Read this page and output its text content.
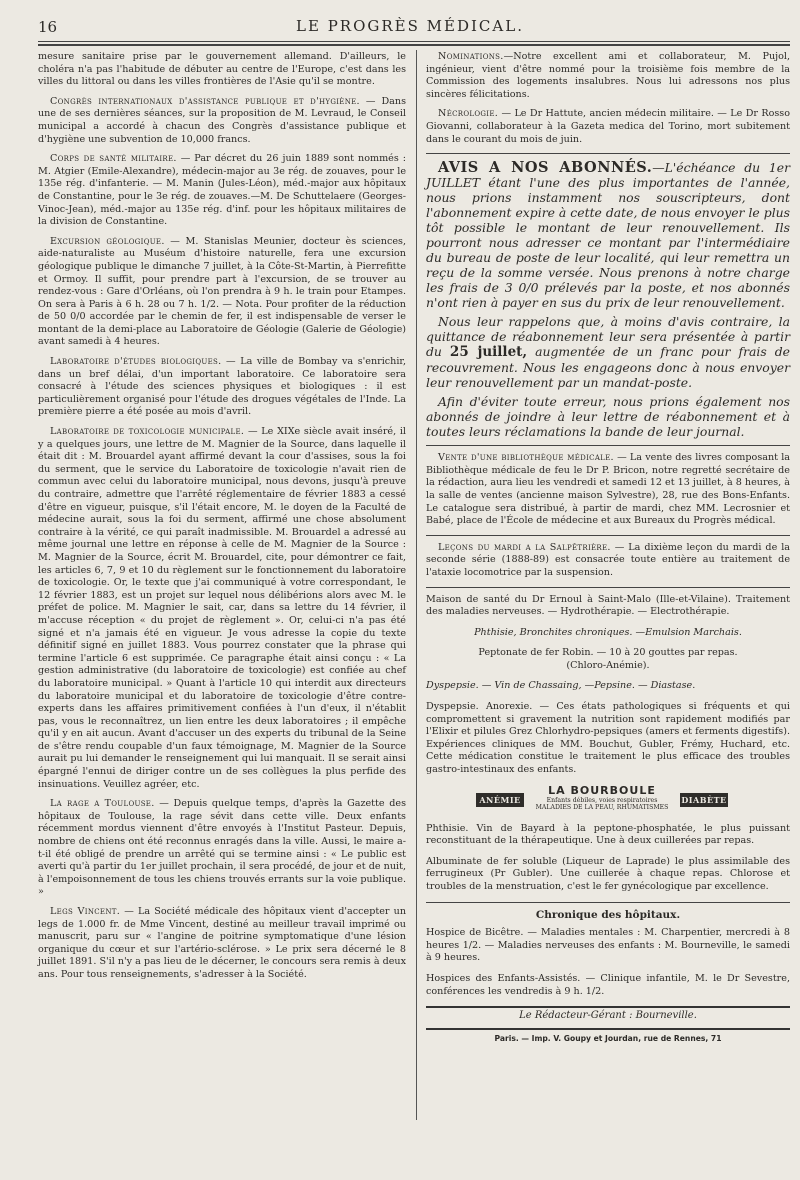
16	LE PROGRÈS MÉDICAL.

mesure sanitaire prise par le gouvernement allemand. D'ailleurs, le choléra n'a pas l'habitude de débuter au centre de l'Europe, c'est dans les villes du littoral ou dans les villes frontières de l'Asie qu'il se montre.

Congrès internationaux d'assistance publique et d'hygiène. — Dans une de ses dernières séances, sur la proposition de M. Levraud, le Conseil municipal a accordé à chacun des Congrès d'assistance publique et d'hygiène une subvention de 10,000 francs.

Corps de santé militaire. — Par décret du 26 juin 1889 sont nommés : M. Atgier (Emile-Alexandre), médecin-major au 3e rég. de zouaves, pour le 135e rég. d'infanterie. — M. Manin (Jules-Léon), méd.-major aux hôpitaux de Constantine, pour le 3e rég. de zouaves.—M. De Schuttelaere (Georges-Vinoc-Jean), méd.-major au 135e rég. d'inf. pour les hôpitaux militaires de la division de Constantine.

Excursion géologique. — M. Stanislas Meunier, docteur ès sciences, aide-naturaliste au Muséum d'histoire naturelle, fera une excursion géologique publique le dimanche 7 juillet, à la Côte-St-Martin, à Pierrefitte et Ormoy. Il suffit, pour prendre part à l'excursion, de se trouver au rendez-vous : Gare d'Orléans, où l'on prendra à 9 h. le train pour Etampes. On sera à Paris à 6 h. 28 ou 7 h. 1/2. — Nota. Pour profiter de la réduction de 50 0/0 accordée par le chemin de fer, il est indispensable de verser le montant de la demi-place au Laboratoire de Géologie (Galerie de Géologie) avant samedi à 4 heures.

Laboratoire d'études biologiques. — La ville de Bombay va s'enrichir, dans un bref délai, d'un important laboratoire. Ce laboratoire sera consacré à l'étude des sciences physiques et biologiques : il est particulièrement organisé pour l'étude des drogues végétales de l'Inde. La première pierre a été posée au mois d'avril.

Laboratoire de toxicologie municipale. — Le XIXe siècle avait inséré, il y a quelques jours, une lettre de M. Magnier de la Source, dans laquelle il était dit : M. Brouardel ayant affirmé devant la cour d'assises, sous la foi du serment, que le service du Laboratoire de toxicologie n'avait rien de commun avec celui du laboratoire municipal, nous devons, jusqu'à preuve du contraire, admettre que l'arrêté réglementaire de février 1883 a cessé d'être en vigueur, puisque, s'il l'était encore, M. le doyen de la Faculté de médecine aurait, sous la foi du serment, affirmé une chose absolument contraire à la vérité, ce qui paraît inadmissible. M. Brouardel a adressé au même journal une lettre en réponse à celle de M. Magnier de la Source : M. Magnier de la Source, écrit M. Brouardel, cite, pour démontrer ce fait, les articles 6, 7, 9 et 10 du règlement sur le fonctionnement du laboratoire de toxicologie. Or, le texte que j'ai communiqué à votre correspondant, le 12 février 1883, est un projet sur lequel nous délibérions alors avec M. le préfet de police. M. Magnier le sait, car, dans sa lettre du 14 février, il m'accuse réception « du projet de règlement ». Or, celui-ci n'a pas été signé et n'a jamais été en vigueur. Je vous adresse la copie du texte définitif signé en juillet 1883. Vous pourrez constater que la phrase qui termine l'article 6 est supprimée. Ce paragraphe était ainsi conçu : « La gestion administrative (du laboratoire de toxicologie) est confiée au chef du laboratoire municipal. » Quant à l'article 10 qui interdit aux directeurs du laboratoire municipal et du laboratoire de toxicologie d'être contre-experts dans les affaires primitivement confiées à l'un d'eux, il n'établit pas, vous le reconnaîtrez, un lien entre les deux laboratoires ; il empêche qu'il y en ait aucun. Avant d'accuser un des experts du tribunal de la Seine de s'être rendu coupable d'un faux témoignage, M. Magnier de la Source aurait pu lui demander le renseignement qui lui manquait. Il se serait ainsi épargné l'ennui de diriger contre un de ses collègues la plus perfide des insinuations. Veuillez agréer, etc.

La rage a Toulouse. — Depuis quelque temps, d'après la Gazette des hôpitaux de Toulouse, la rage sévit dans cette ville. Deux enfants récemment mordus viennent d'être envoyés à l'Institut Pasteur. Depuis, nombre de chiens ont été reconnus enragés dans la ville. Aussi, le maire a-t-il été obligé de prendre un arrêté qui se termine ainsi : « Le public est averti qu'à partir du 1er juillet prochain, il sera procédé, de jour et de nuit, à l'empoisonnement de tous les chiens trouvés errants sur la voie publique. »

Legs Vincent. — La Société médicale des hôpitaux vient d'accepter un legs de 1.000 fr. de Mme Vincent, destiné au meilleur travail imprimé ou manuscrit, paru sur « l'angine de poitrine symptomatique d'une lésion organique du cœur et sur l'artério-sclérose. » Le prix sera décerné le 8 juillet 1891. S'il n'y a pas lieu de le décerner, le concours sera remis à deux ans. Pour tous renseignements, s'adresser à la Société.

Nominations.—Notre excellent ami et collaborateur, M. Pujol, ingénieur, vient d'être nommé pour la troisième fois membre de la Commission des logements insalubres. Nous lui adressons nos plus sincères félicitations.

Nécrologie. — Le Dr Hattute, ancien médecin militaire. — Le Dr Rosso Giovanni, collaborateur à la Gazeta medica del Torino, mort subitement dans le courant du mois de juin.

AVIS A NOS ABONNÉS.—L'échéance du 1er JUILLET étant l'une des plus importantes de l'année, nous prions instamment nos souscripteurs, dont l'abonnement expire à cette date, de nous envoyer le plus tôt possible le montant de leur renouvellement. Ils pourront nous adresser ce montant par l'intermédiaire du bureau de poste de leur localité, qui leur remettra un reçu de la somme versée. Nous prenons à notre charge les frais de 3 0/0 prélevés par la poste, et nos abonnés n'ont rien à payer en sus du prix de leur renouvellement.

Nous leur rappelons que, à moins d'avis contraire, la quittance de réabonnement leur sera présentée à partir du 25 juillet, augmentée de un franc pour frais de recouvrement. Nous les engageons donc à nous envoyer leur renouvellement par un mandat-poste.

Afin d'éviter toute erreur, nous prions également nos abonnés de joindre à leur lettre de réabonnement et à toutes leurs réclamations la bande de leur journal.

Vente d'une bibliothèque médicale. — La vente des livres composant la Bibliothèque médicale de feu le Dr P. Bricon, notre regretté secrétaire de la rédaction, aura lieu les vendredi et samedi 12 et 13 juillet, à 8 heures, à la salle de ventes (ancienne maison Sylvestre), 28, rue des Bons-Enfants. Le catalogue sera distribué, à partir de mardi, chez MM. Lecrosnier et Babé, place de l'École de médecine et aux Bureaux du Progrès médical.

Leçons du mardi a la Salpêtrière. — La dixième leçon du mardi de la seconde série (1888-89) est consacrée toute entière au traitement de l'ataxie locomotrice par la suspension.

Maison de santé du Dr Ernoul à Saint-Malo (Ille-et-Vilaine). Traitement des maladies nerveuses. — Hydrothérapie. — Electrothérapie.

Phthisie, Bronchites chroniques. —Emulsion Marchais.

Peptonate de fer Robin. — 10 à 20 gouttes par repas.

(Chloro-Anémie).

Dyspepsie. — Vin de Chassaing, —Pepsine. — Diastase.

Dyspepsie. Anorexie. — Ces états pathologiques si fréquents et qui compromettent si gravement la nutrition sont rapidement modifiés par l'Elixir et pilules Grez Chlorhydro-pepsiques (amers et ferments digestifs). Expériences cliniques de MM. Bouchut, Gubler, Frémy, Huchard, etc. Cette médication constitue le traitement le plus efficace des troubles gastro-intestinaux des enfants.

ANÉMIE
LA BOURBOULE
Enfants débiles, voies respiratoires
MALADIES DE LA PEAU, RHUMATISMES
DIABÈTE

Phthisie. Vin de Bayard à la peptone-phosphatée, le plus puissant reconstituant de la thérapeutique. Une à deux cuillerées par repas.

Albuminate de fer soluble (Liqueur de Laprade) le plus assimilable des ferrugineux (Pr Gubler). Une cuillerée à chaque repas. Chlorose et troubles de la menstruation, c'est le fer gynécologique par excellence.

Chronique des hôpitaux.

Hospice de Bicêtre. — Maladies mentales : M. Charpentier, mercredi à 8 heures 1/2. — Maladies nerveuses des enfants : M. Bourneville, le samedi à 9 heures.

Hospices des Enfants-Assistés. — Clinique infantile, M. le Dr Sevestre, conférences les vendredis à 9 h. 1/2.

Le Rédacteur-Gérant : Bourneville.
Paris. — Imp. V. Goupy et Jourdan, rue de Rennes, 71
